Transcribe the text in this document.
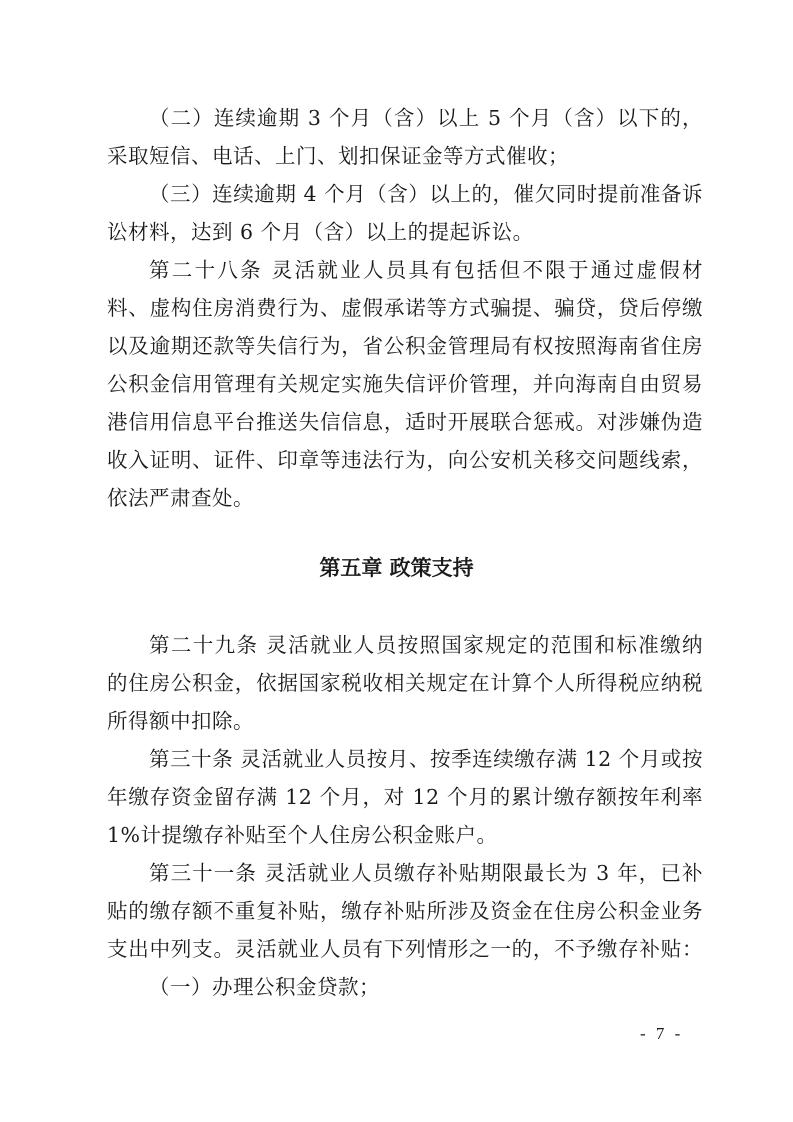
（二）连续逾期 3 个月（含）以上 5 个月（含）以下的，
采取短信、电话、上门、划扣保证金等方式催收；
（三）连续逾期 4 个月（含）以上的，催欠同时提前准备诉
讼材料，达到 6 个月（含）以上的提起诉讼。
第二十八条 灵活就业人员具有包括但不限于通过虚假材
料、虚构住房消费行为、虚假承诺等方式骗提、骗贷，贷后停缴
以及逾期还款等失信行为，省公积金管理局有权按照海南省住房
公积金信用管理有关规定实施失信评价管理，并向海南自由贸易
港信用信息平台推送失信信息，适时开展联合惩戒。对涉嫌伪造
收入证明、证件、印章等违法行为，向公安机关移交问题线索，
依法严肃查处。
第五章 政策支持
第二十九条 灵活就业人员按照国家规定的范围和标准缴纳
的住房公积金，依据国家税收相关规定在计算个人所得税应纳税
所得额中扣除。
第三十条 灵活就业人员按月、按季连续缴存满 12 个月或按
年缴存资金留存满 12 个月，对 12 个月的累计缴存额按年利率
1%计提缴存补贴至个人住房公积金账户。
第三十一条 灵活就业人员缴存补贴期限最长为 3 年，已补
贴的缴存额不重复补贴，缴存补贴所涉及资金在住房公积金业务
支出中列支。灵活就业人员有下列情形之一的，不予缴存补贴：
（一）办理公积金贷款；
- 7 -
